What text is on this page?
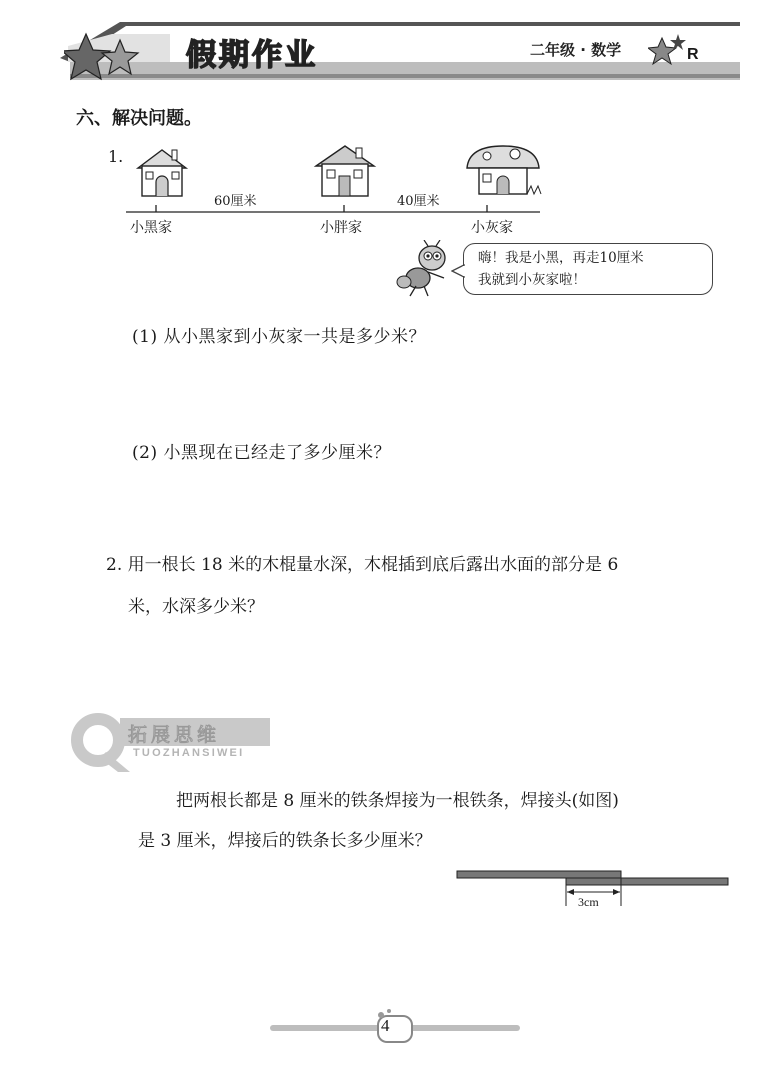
假期作业	二年级 · 数学	R
六、解决问题。
1.
60厘米	40厘米
小黑家	小胖家	小灰家
嗨！我是小黑，再走10厘米
我就到小灰家啦！
(1) 从小黑家到小灰家一共是多少米？
(2) 小黑现在已经走了多少厘米？
2. 用一根长 18 米的木棍量水深，木棍插到底后露出水面的部分是 6
米，水深多少米？
拓展思维
TUOZHANSIWEI
把两根长都是 8 厘米的铁条焊接为一根铁条，焊接头(如图)
是 3 厘米，焊接后的铁条长多少厘米？
3cm
4
